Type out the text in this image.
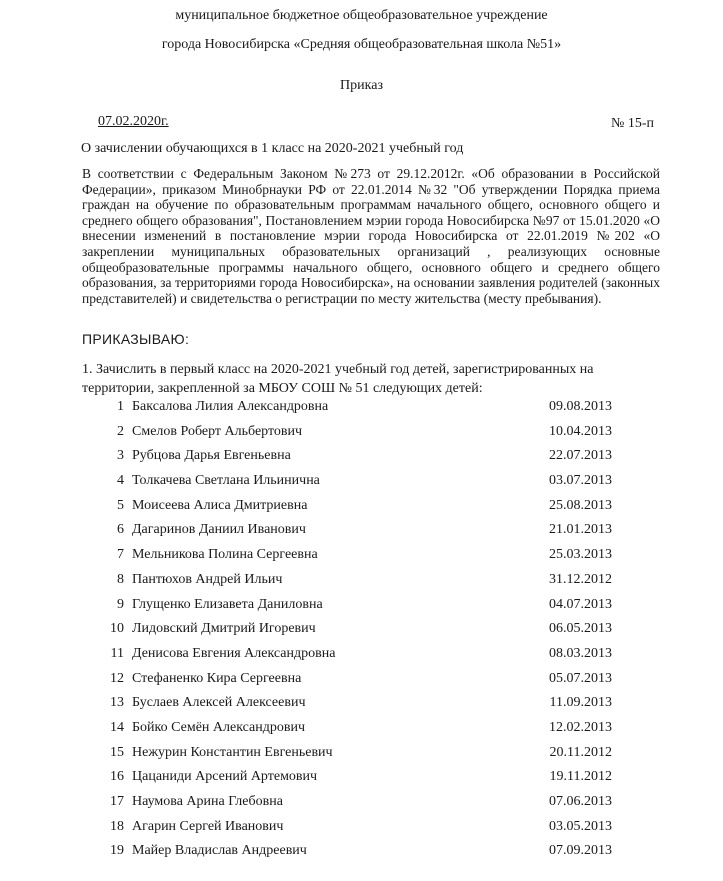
муниципальное бюджетное общеобразовательное учреждение
города Новосибирска «Средняя общеобразовательная школа №51»
Приказ
07.02.2020г.	№ 15-п
О зачислении обучающихся в 1 класс на 2020-2021 учебный год

В соответствии с Федеральным Законом №273 от 29.12.2012г. «Об образовании в Российской Федерации», приказом Минобрнауки РФ от 22.01.2014 №32 "Об утверждении Порядка приема граждан на обучение по образовательным программам начального общего, основного общего и среднего общего образования", Постановлением мэрии города Новосибирска №97 от 15.01.2020 «О внесении изменений в постановление мэрии города Новосибирска от 22.01.2019 №202 «О закреплении муниципальных образовательных организаций , реализующих основные общеобразовательные программы начального общего, основного общего и среднего общего образования, за территориями города Новосибирска», на основании заявления родителей (законных представителей) и свидетельства о регистрации по месту жительства (месту пребывания).

ПРИКАЗЫВАЮ:

1. Зачислить в первый класс на 2020-2021 учебный год детей, зарегистрированных на территории, закрепленной за МБОУ СОШ № 51 следующих детей:

1 Баксалова Лилия Александровна	09.08.2013
2 Смелов Роберт Альбертович	10.04.2013
3 Рубцова Дарья Евгеньевна	22.07.2013
4 Толкачева Светлана Ильинична	03.07.2013
5 Моисеева Алиса Дмитриевна	25.08.2013
6 Дагаринов Даниил Иванович	21.01.2013
7 Мельникова Полина Сергеевна	25.03.2013
8 Пантюхов Андрей Ильич	31.12.2012
9 Глущенко Елизавета Даниловна	04.07.2013
10 Лидовский Дмитрий Игоревич	06.05.2013
11 Денисова Евгения Александровна	08.03.2013
12 Стефаненко Кира Сергеевна	05.07.2013
13 Буслаев Алексей Алексеевич	11.09.2013
14 Бойко Семён Александрович	12.02.2013
15 Нежурин Константин Евгеньевич	20.11.2012
16 Цацаниди Арсений Артемович	19.11.2012
17 Наумова Арина Глебовна	07.06.2013
18 Агарин Сергей Иванович	03.05.2013
19 Майер Владислав Андреевич	07.09.2013
